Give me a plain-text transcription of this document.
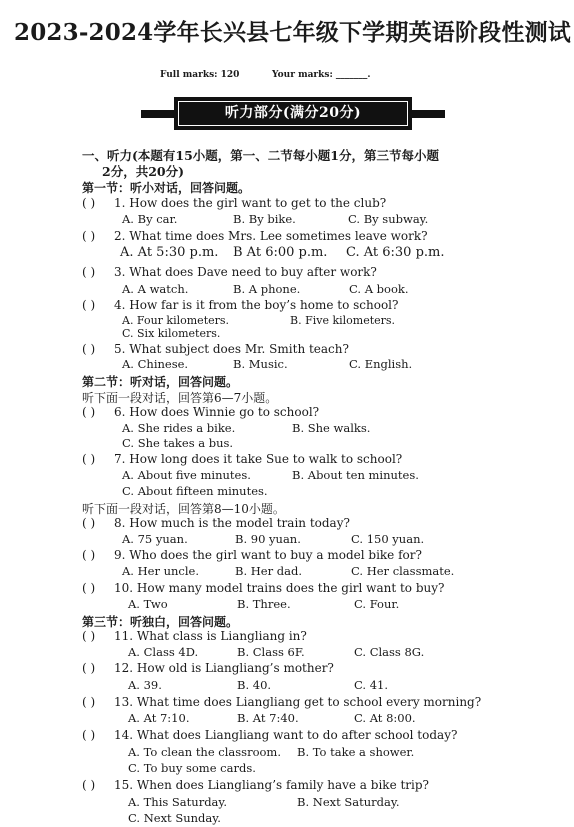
2023-2024学年长兴县七年级下学期英语阶段性测试
Full marks: 120	Your marks: _______.
听力部分(满分20分)
一、听力(本题有15小题，第一、二节每小题1分，第三节每小题
2分，共20分)
第一节：听小对话，回答问题。
( ) 1. How does the girl want to get to the club?
A. By car.	B. By bike.	C. By subway.
( ) 2. What time does Mrs. Lee sometimes leave work?
A. At 5:30 p.m. B At 6:00 p.m. C. At 6:30 p.m.
( ) 3. What does Dave need to buy after work?
A. A watch.	B. A phone.	C. A book.
( ) 4. How far is it from the boy’s home to school?
A. Four kilometers.	B. Five kilometers.
C. Six kilometers.
( ) 5. What subject does Mr. Smith teach?
A. Chinese.	B. Music.	C. English.
第二节：听对话，回答问题。
听下面一段对话，回答第6—7小题。
( ) 6. How does Winnie go to school?
A. She rides a bike.	B. She walks.
C. She takes a bus.
( ) 7. How long does it take Sue to walk to school?
A. About five minutes.	B. About ten minutes.
C. About fifteen minutes.
听下面一段对话，回答第8—10小题。
( ) 8. How much is the model train today?
A. 75 yuan.	B. 90 yuan.	C. 150 yuan.
( ) 9. Who does the girl want to buy a model bike for?
A. Her uncle.	B. Her dad.	C. Her classmate.
( ) 10. How many model trains does the girl want to buy?
A. Two	B. Three.	C. Four.
第三节：听独白，回答问题。
( ) 11. What class is Liangliang in?
A. Class 4D.	B. Class 6F.	C. Class 8G.
( ) 12. How old is Liangliang’s mother?
A. 39.	B. 40.	C. 41.
( ) 13. What time does Liangliang get to school every morning?
A. At 7:10.	B. At 7:40.	C. At 8:00.
( ) 14. What does Liangliang want to do after school today?
A. To clean the classroom. B. To take a shower.
C. To buy some cards.
( ) 15. When does Liangliang’s family have a bike trip?
A. This Saturday.	B. Next Saturday.
C. Next Sunday.
